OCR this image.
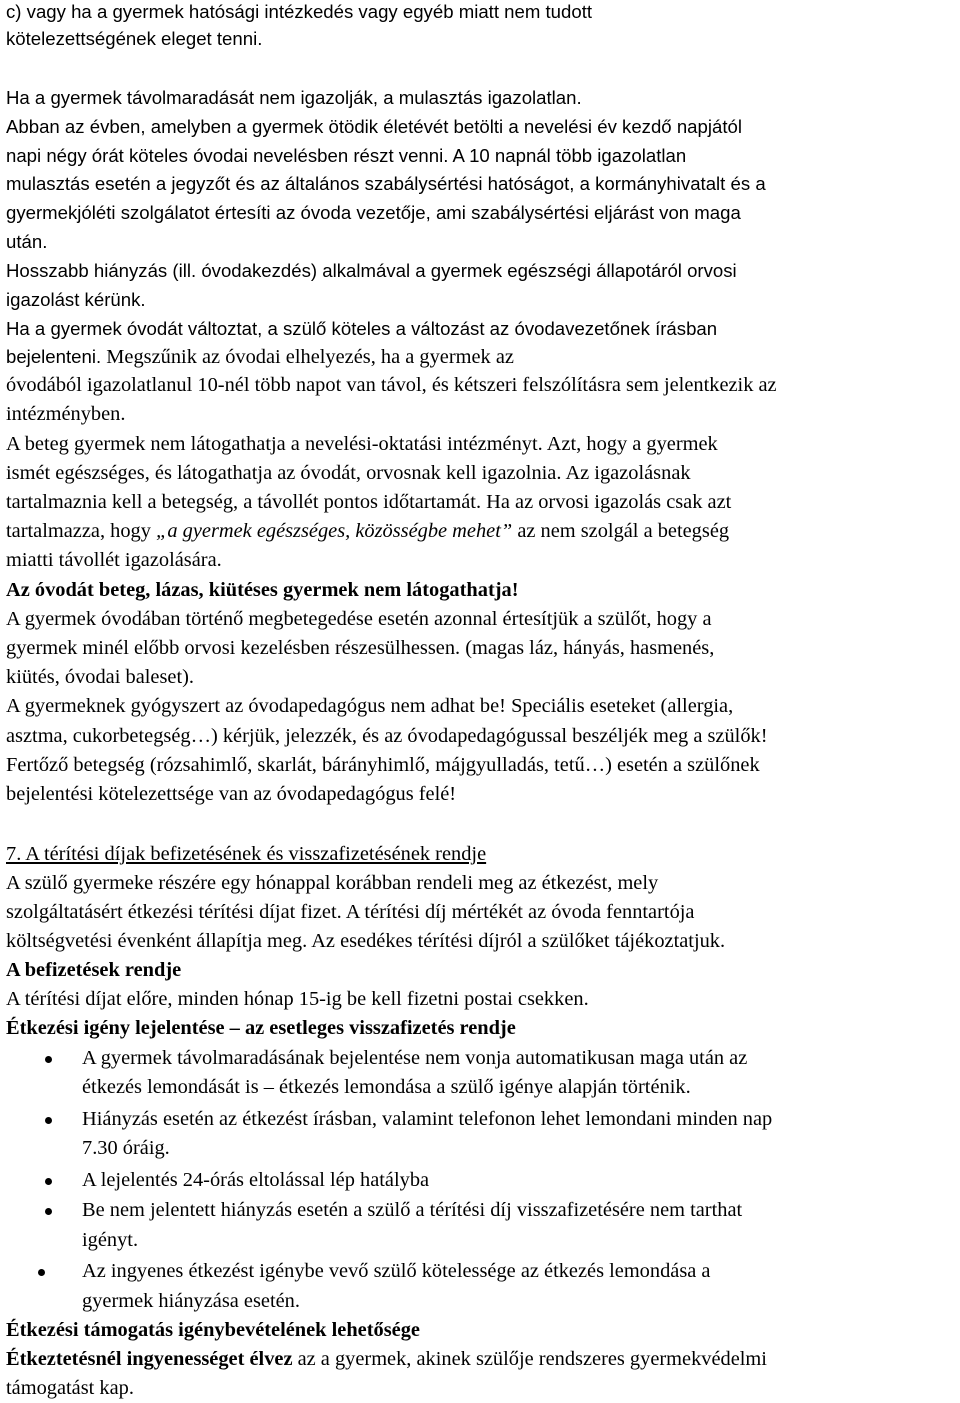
c) vagy ha a gyermek hatósági intézkedés vagy egyéb miatt nem tudott
kötelezettségének eleget tenni.
Ha a gyermek távolmaradását nem igazolják, a mulasztás igazolatlan.
Abban az évben, amelyben a gyermek ötödik életévét betölti a nevelési év kezdő napjától
napi négy órát köteles óvodai nevelésben részt venni. A 10 napnál több igazolatlan
mulasztás esetén a jegyzőt és az általános szabálysértési hatóságot, a kormányhivatalt és a
gyermekjóléti szolgálatot értesíti az óvoda vezetője, ami szabálysértési eljárást von maga
után.
Hosszabb hiányzás (ill. óvodakezdés) alkalmával a gyermek egészségi állapotáról orvosi
igazolást kérünk.
Ha a gyermek óvodát változtat, a szülő köteles a változást az óvodavezetőnek írásban
bejelenteni. Megszűnik az óvodai elhelyezés, ha a gyermek az
óvodából igazolatlanul 10-nél több napot van távol, és kétszeri felszólításra sem jelentkezik az
intézményben.
A beteg gyermek nem látogathatja a nevelési-oktatási intézményt. Azt, hogy a gyermek
ismét egészséges, és látogathatja az óvodát, orvosnak kell igazolnia. Az igazolásnak
tartalmaznia kell a betegség, a távollét pontos időtartamát. Ha az orvosi igazolás csak azt
tartalmazza, hogy „a gyermek egészséges, közösségbe mehet” az nem szolgál a betegség
miatti távollét igazolására.
Az óvodát beteg, lázas, kiütéses gyermek nem látogathatja!
A gyermek óvodában történő megbetegedése esetén azonnal értesítjük a szülőt, hogy a
gyermek minél előbb orvosi kezelésben részesülhessen. (magas láz, hányás, hasmenés,
kiütés, óvodai baleset).
A gyermeknek gyógyszert az óvodapedagógus nem adhat be! Speciális eseteket (allergia,
asztma, cukorbetegség…) kérjük, jelezzék, és az óvodapedagógussal beszéljék meg a szülők!
Fertőző betegség (rózsahimlő, skarlát, bárányhimlő, májgyulladás, tetű…) esetén a szülőnek
bejelentési kötelezettsége van az óvodapedagógus felé!
7. A térítési díjak befizetésének és visszafizetésének rendje
A szülő gyermeke részére egy hónappal korábban rendeli meg az étkezést, mely
szolgáltatásért étkezési térítési díjat fizet. A térítési díj mértékét az óvoda fenntartója
költségvetési évenként állapítja meg. Az esedékes térítési díjról a szülőket tájékoztatjuk.
A befizetések rendje
A térítési díjat előre, minden hónap 15-ig be kell fizetni postai csekken.
Étkezési igény lejelentése – az esetleges visszafizetés rendje
A gyermek távolmaradásának bejelentése nem vonja automatikusan maga után az
étkezés lemondását is – étkezés lemondása a szülő igénye alapján történik.
Hiányzás esetén az étkezést írásban, valamint telefonon lehet lemondani minden nap
7.30 óráig.
A lejelentés 24-órás eltolással lép hatályba
Be nem jelentett hiányzás esetén a szülő a térítési díj visszafizetésére nem tarthat
igényt.
Az ingyenes étkezést igénybe vevő szülő kötelessége az étkezés lemondása a
gyermek hiányzása esetén.
Étkezési támogatás igénybevételének lehetősége
Étkeztetésnél ingyenességet élvez az a gyermek, akinek szülője rendszeres gyermekvédelmi
támogatást kap.
